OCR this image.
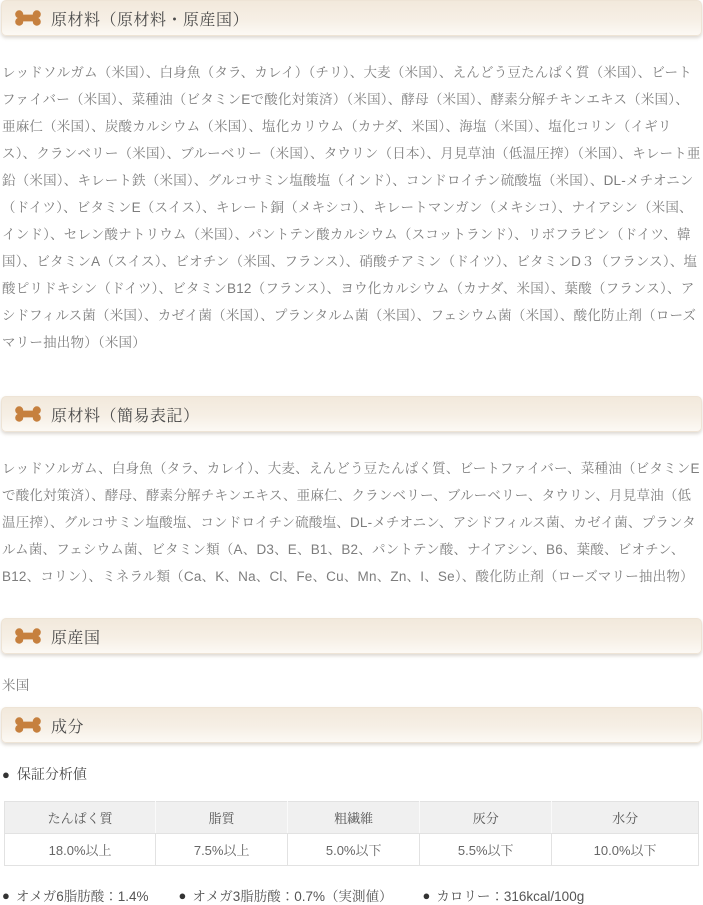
原材料（原材料・原産国）

レッドソルガム（米国）、白身魚（タラ、カレイ）（チリ）、大麦（米国）、えんどう豆たんぱく質（米国）、ビートファイバー（米国）、菜種油（ビタミンEで酸化対策済）（米国）、酵母（米国）、酵素分解チキンエキス（米国）、亜麻仁（米国）、炭酸カルシウム（米国）、塩化カリウム（カナダ、米国）、海塩（米国）、塩化コリン（イギリス）、クランベリー（米国）、ブルーベリー（米国）、タウリン（日本）、月見草油（低温圧搾）（米国）、キレート亜鉛（米国）、キレート鉄（米国）、グルコサミン塩酸塩（インド）、コンドロイチン硫酸塩（米国）、DL-メチオニン（ドイツ）、ビタミンE（スイス）、キレート銅（メキシコ）、キレートマンガン（メキシコ）、ナイアシン（米国、インド）、セレン酸ナトリウム（米国）、パントテン酸カルシウム（スコットランド）、リボフラビン（ドイツ、韓国）、ビタミンA（スイス）、ビオチン（米国、フランス）、硝酸チアミン（ドイツ）、ビタミンD３（フランス）、塩酸ピリドキシン（ドイツ）、ビタミンB12（フランス）、ヨウ化カルシウム（カナダ、米国）、葉酸（フランス）、アシドフィルス菌（米国）、カゼイ菌（米国）、プランタルム菌（米国）、フェシウム菌（米国）、酸化防止剤（ローズマリー抽出物）（米国）

原材料（簡易表記）

レッドソルガム、白身魚（タラ、カレイ）、大麦、えんどう豆たんぱく質、ビートファイバー、菜種油（ビタミンEで酸化対策済）、酵母、酵素分解チキンエキス、亜麻仁、クランベリー、ブルーベリー、タウリン、月見草油（低温圧搾）、グルコサミン塩酸塩、コンドロイチン硫酸塩、DL-メチオニン、アシドフィルス菌、カゼイ菌、プランタルム菌、フェシウム菌、ビタミン類（A、D3、E、B1、B2、パントテン酸、ナイアシン、B6、葉酸、ビオチン、B12、コリン）、ミネラル類（Ca、K、Na、Cl、Fe、Cu、Mn、Zn、I、Se）、酸化防止剤（ローズマリー抽出物）

原産国

米国

成分
● 保証分析値
たんぱく質	脂質	粗繊維	灰分	水分
18.0%以上	7.5%以上	5.0%以下	5.5%以下	10.0%以下
● オメガ6脂肪酸：1.4% ● オメガ3脂肪酸：0.7%（実測値） ● カロリー：316kcal/100g
